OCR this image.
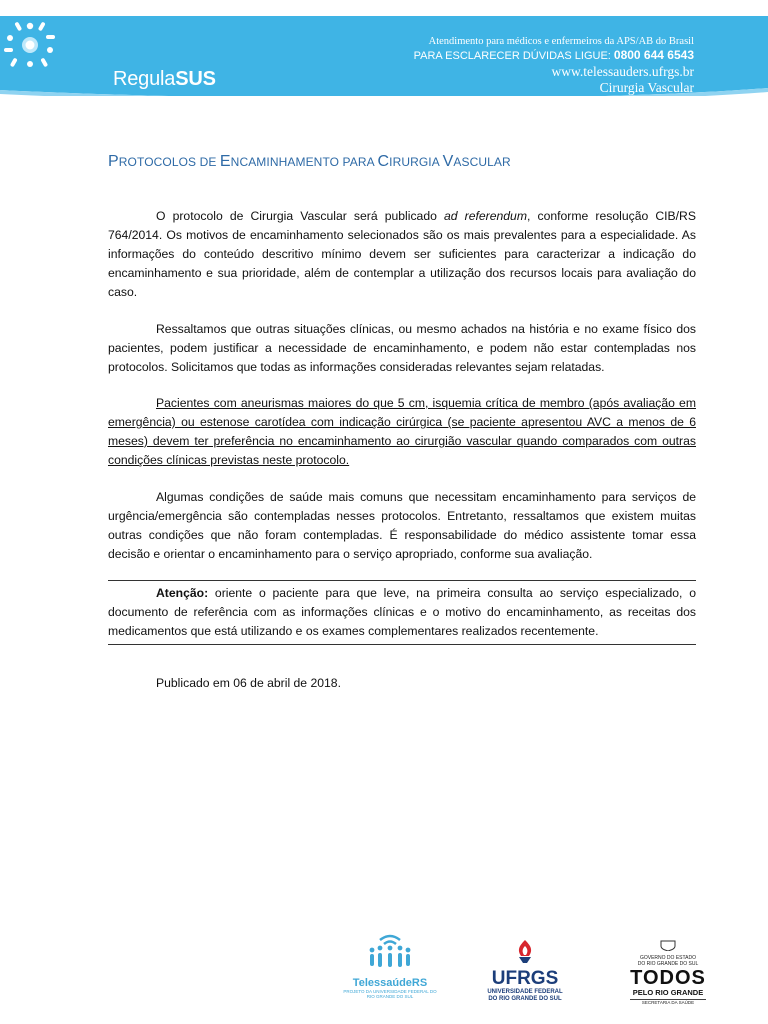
RegulaSUS
Atendimento para médicos e enfermeiros da APS/AB do Brasil
PARA ESCLARECER DÚVIDAS LIGUE: 0800 644 6543
www.telessauders.ufrgs.br
Cirurgia Vascular
PROTOCOLOS DE ENCAMINHAMENTO PARA CIRURGIA VASCULAR

O protocolo de Cirurgia Vascular será publicado ad referendum, conforme resolução CIB/RS 764/2014. Os motivos de encaminhamento selecionados são os mais prevalentes para a especialidade. As informações do conteúdo descritivo mínimo devem ser suficientes para caracterizar a indicação do encaminhamento e sua prioridade, além de contemplar a utilização dos recursos locais para avaliação do caso.

Ressaltamos que outras situações clínicas, ou mesmo achados na história e no exame físico dos pacientes, podem justificar a necessidade de encaminhamento, e podem não estar contempladas nos protocolos. Solicitamos que todas as informações consideradas relevantes sejam relatadas.

Pacientes com aneurismas maiores do que 5 cm, isquemia crítica de membro (após avaliação em emergência) ou estenose carotídea com indicação cirúrgica (se paciente apresentou AVC a menos de 6 meses) devem ter preferência no encaminhamento ao cirurgião vascular quando comparados com outras condições clínicas previstas neste protocolo.

Algumas condições de saúde mais comuns que necessitam encaminhamento para serviços de urgência/emergência são contempladas nesses protocolos. Entretanto, ressaltamos que existem muitas outras condições que não foram contempladas. É responsabilidade do médico assistente tomar essa decisão e orientar o encaminhamento para o serviço apropriado, conforme sua avaliação.

Atenção: oriente o paciente para que leve, na primeira consulta ao serviço especializado, o documento de referência com as informações clínicas e o motivo do encaminhamento, as receitas dos medicamentos que está utilizando e os exames complementares realizados recentemente.

Publicado em 06 de abril de 2018.
TelessaúdeRS
PROJETO DA UNIVERSIDADE FEDERAL DO RIO GRANDE DO SUL
UFRGS
UNIVERSIDADE FEDERAL
DO RIO GRANDE DO SUL
GOVERNO DO ESTADO
DO RIO GRANDE DO SUL
TODOS
PELO RIO GRANDE
SECRETARIA DA SAÚDE
